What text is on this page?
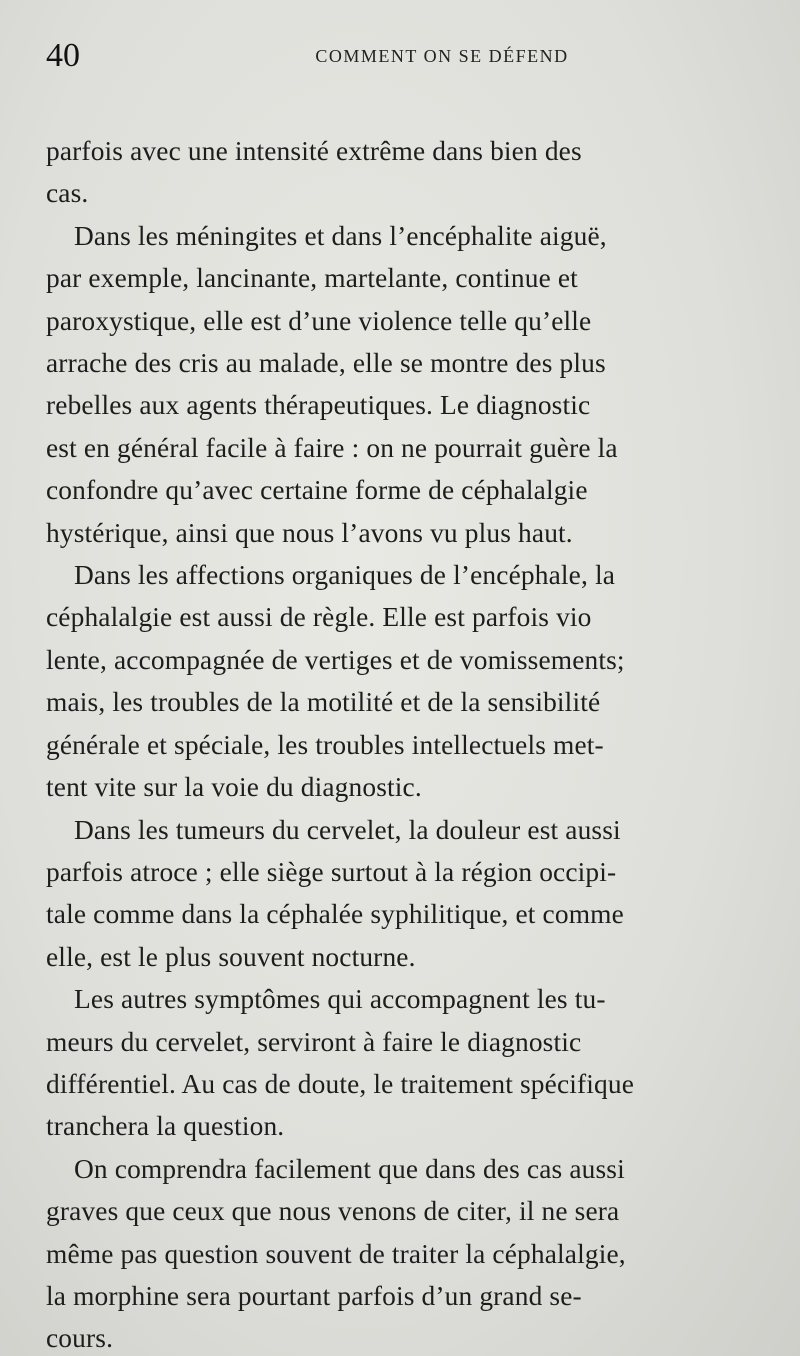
40	COMMENT ON SE DÉFEND

parfois avec une intensité extrême dans bien des
cas.

Dans les méningites et dans l’encéphalite aiguë,
par exemple, lancinante, martelante, continue et
paroxystique, elle est d’une violence telle qu’elle
arrache des cris au malade, elle se montre des plus
rebelles aux agents thérapeutiques. Le diagnostic
est en général facile à faire : on ne pourrait guère la
confondre qu’avec certaine forme de céphalalgie
hystérique, ainsi que nous l’avons vu plus haut.

Dans les affections organiques de l’encéphale, la
céphalalgie est aussi de règle. Elle est parfois vio
lente, accompagnée de vertiges et de vomissements;
mais, les troubles de la motilité et de la sensibilité
générale et spéciale, les troubles intellectuels met-
tent vite sur la voie du diagnostic.

Dans les tumeurs du cervelet, la douleur est aussi
parfois atroce ; elle siège surtout à la région occipi-
tale comme dans la céphalée syphilitique, et comme
elle, est le plus souvent nocturne.

Les autres symptômes qui accompagnent les tu-
meurs du cervelet, serviront à faire le diagnostic
différentiel. Au cas de doute, le traitement spécifique
tranchera la question.

On comprendra facilement que dans des cas aussi
graves que ceux que nous venons de citer, il ne sera
même pas question souvent de traiter la céphalalgie,
la morphine sera pourtant parfois d’un grand se-
cours.
